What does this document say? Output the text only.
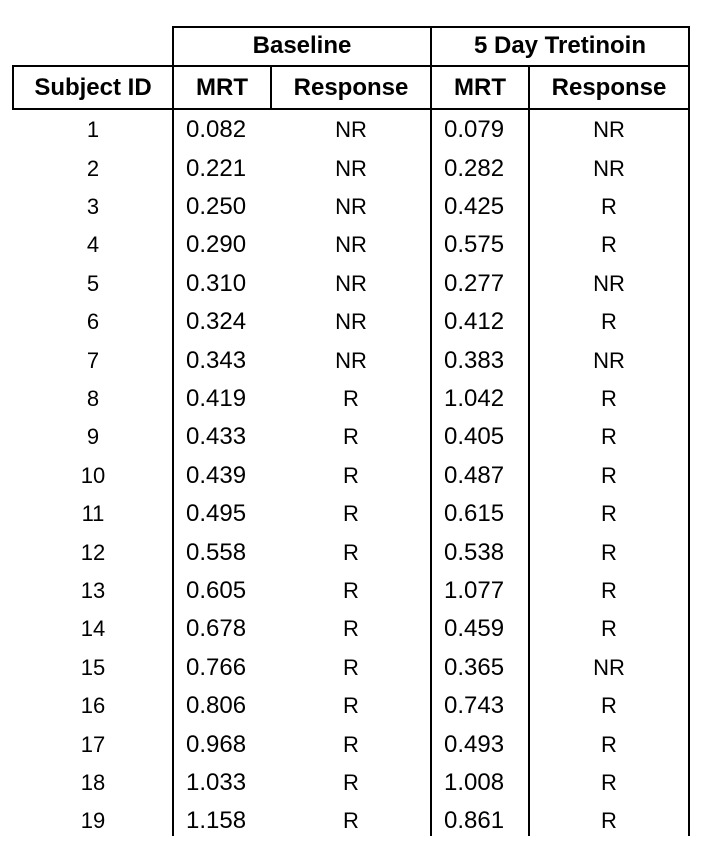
Baseline	5 Day Tretinoin
Subject ID	MRT	Response	MRT	Response
1	0.082	NR	0.079	NR
2	0.221	NR	0.282	NR
3	0.250	NR	0.425	R
4	0.290	NR	0.575	R
5	0.310	NR	0.277	NR
6	0.324	NR	0.412	R
7	0.343	NR	0.383	NR
8	0.419	R	1.042	R
9	0.433	R	0.405	R
10	0.439	R	0.487	R
11	0.495	R	0.615	R
12	0.558	R	0.538	R
13	0.605	R	1.077	R
14	0.678	R	0.459	R
15	0.766	R	0.365	NR
16	0.806	R	0.743	R
17	0.968	R	0.493	R
18	1.033	R	1.008	R
19	1.158	R	0.861	R
